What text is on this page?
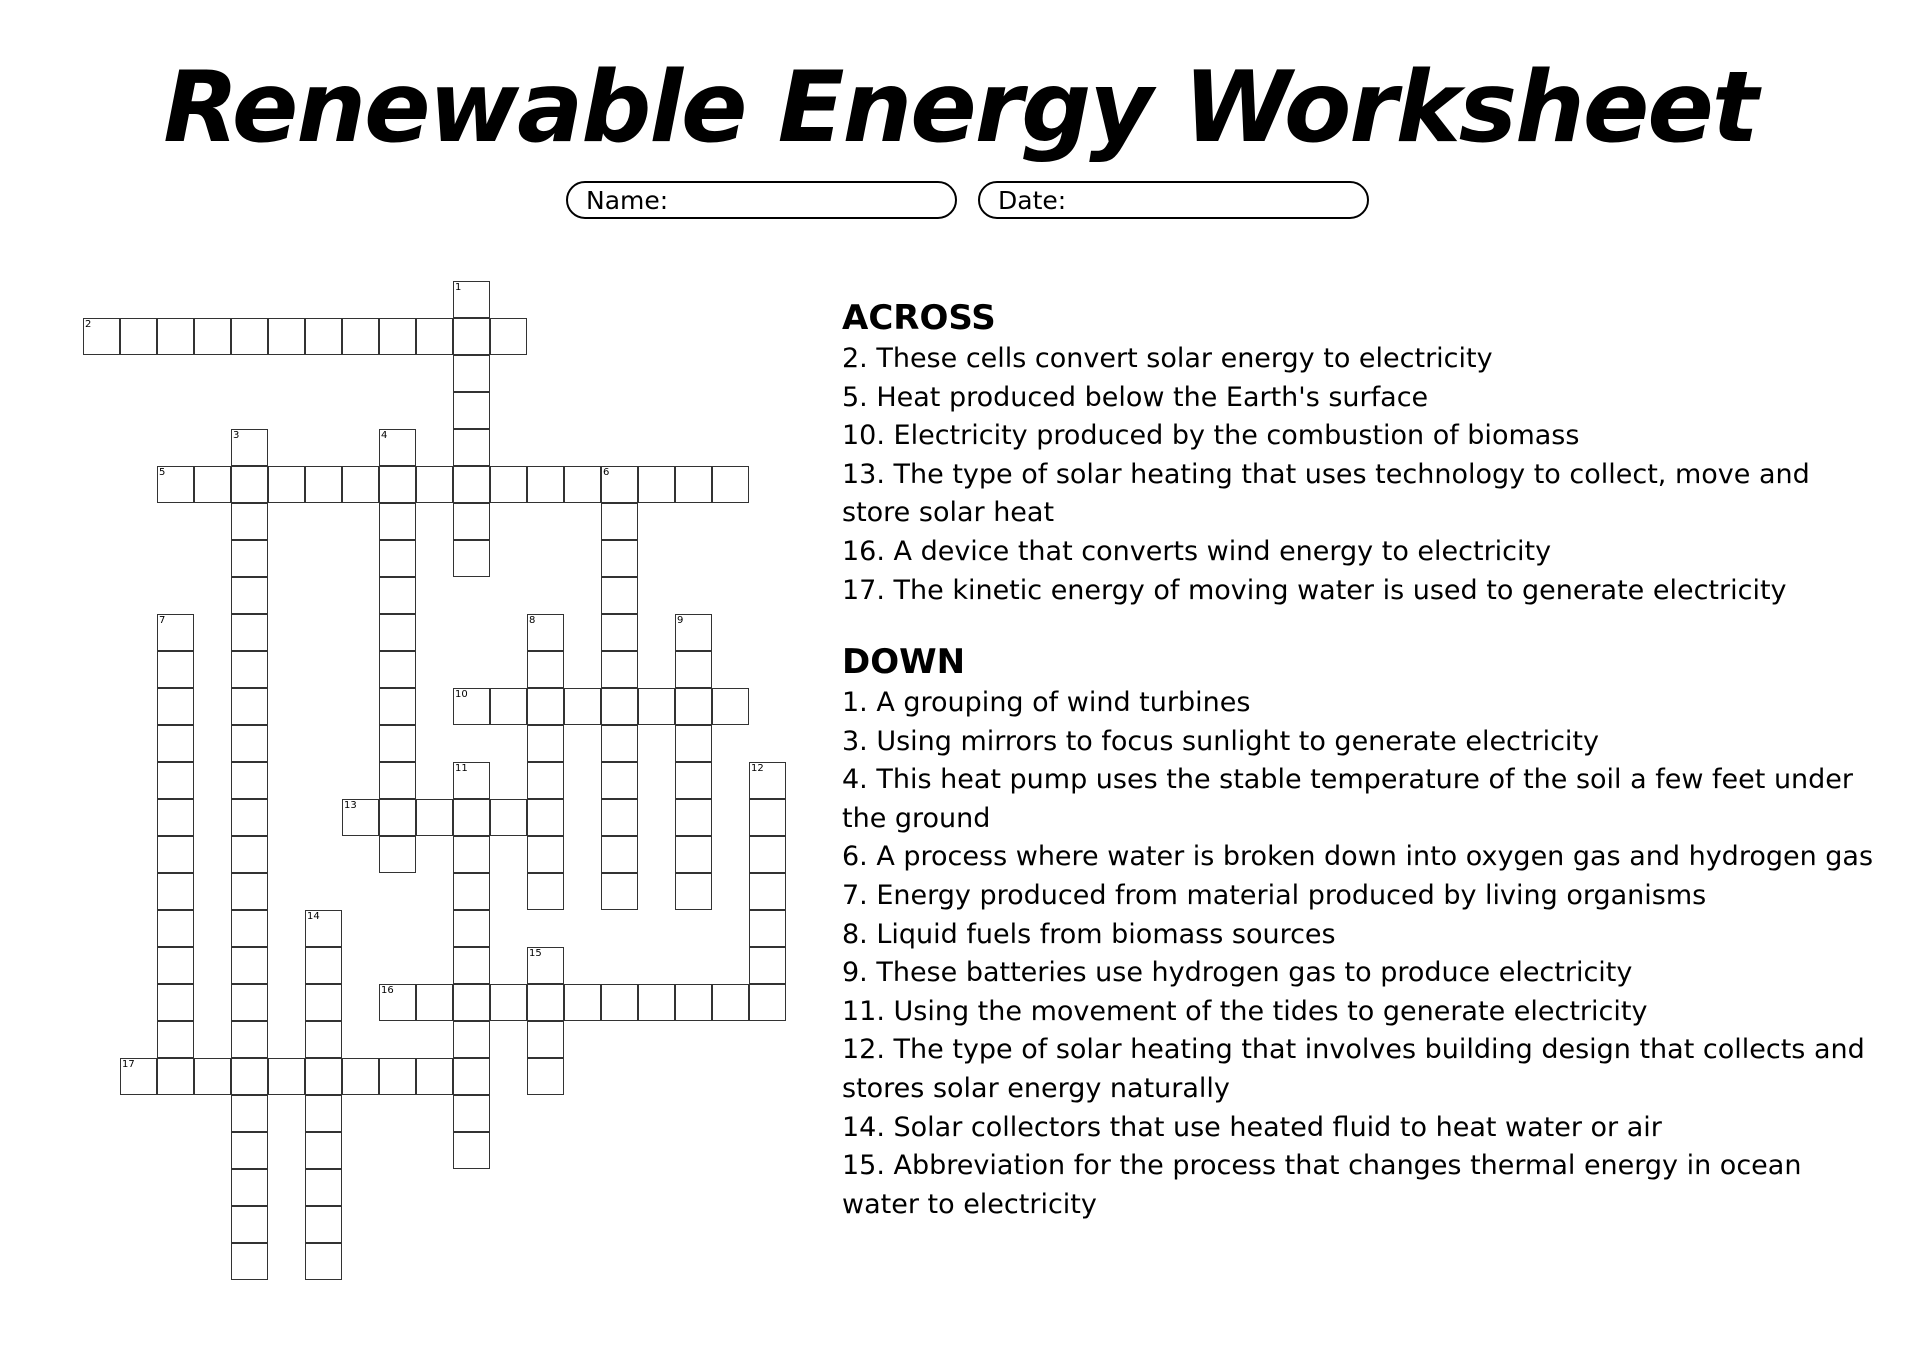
Renewable Energy Worksheet
Name:	Date:
1
2
3	4
5	6
7	8	9
10
11	12
13
14
15
16
17
ACROSS

2. These cells convert solar energy to electricity

5. Heat produced below the Earth's surface

10. Electricity produced by the combustion of biomass

13. The type of solar heating that uses technology to collect, move and store solar heat

16. A device that converts wind energy to electricity

17. The kinetic energy of moving water is used to generate electricity

DOWN

1. A grouping of wind turbines

3. Using mirrors to focus sunlight to generate electricity

4. This heat pump uses the stable temperature of the soil a few feet under the ground

6. A process where water is broken down into oxygen gas and hydrogen gas

7. Energy produced from material produced by living organisms

8. Liquid fuels from biomass sources

9. These batteries use hydrogen gas to produce electricity

11. Using the movement of the tides to generate electricity

12. The type of solar heating that involves building design that collects and stores solar energy naturally

14. Solar collectors that use heated fluid to heat water or air

15. Abbreviation for the process that changes thermal energy in ocean water to electricity
